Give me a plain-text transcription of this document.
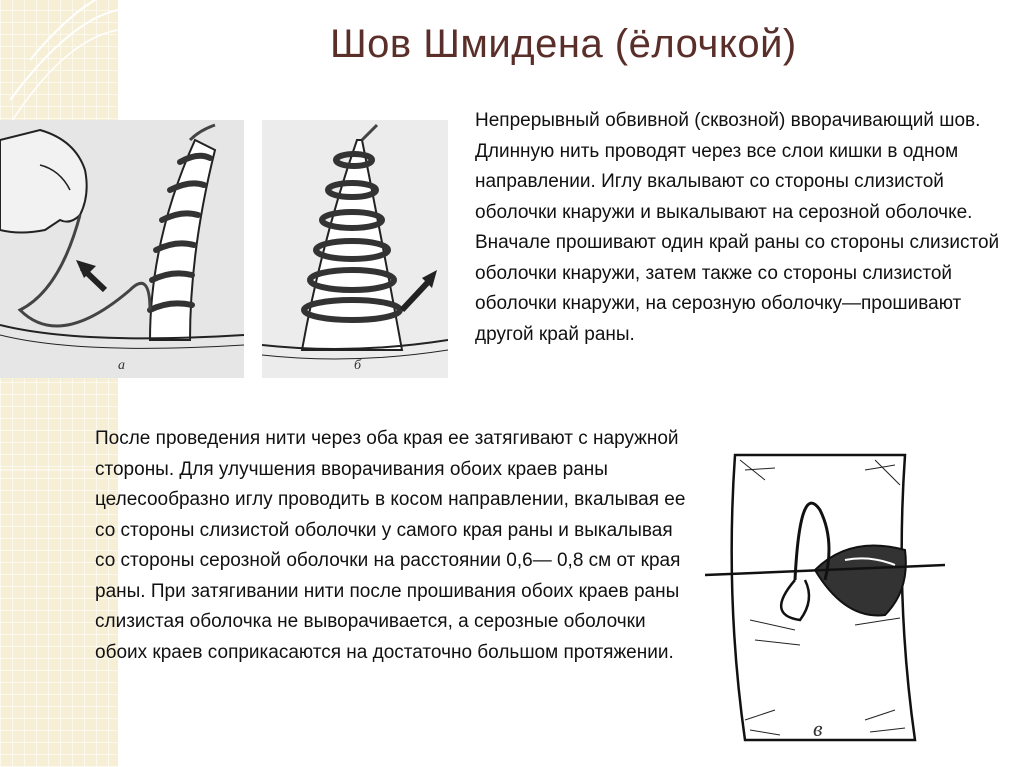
Шов Шмидена (ёлочкой)
а	б
Непрерывный обвивной (сквозной) вворачивающий шов. Длинную нить проводят через все слои кишки в одном направлении. Иглу вкалывают со стороны слизистой оболочки кнаружи и выкалывают на серозной оболочке. Вначале прошивают один край раны со стороны слизистой оболочки кнаружи, затем также со стороны слизистой оболочки кнаружи, на серозную оболочку—прошивают другой край раны.
После проведения нити через оба края ее затягивают с наружной стороны. Для улучшения вворачивания обоих краев раны целесообразно иглу проводить в косом направлении, вкалывая ее со стороны слизистой оболочки у самого края раны и выкалывая со стороны серозной оболочки на расстоянии 0,6— 0,8 см от края раны. При затягивании нити после прошивания обоих краев раны слизистая оболочка не выворачивается, а серозные оболочки обоих краев соприкасаются на достаточно большом протяжении.
в
